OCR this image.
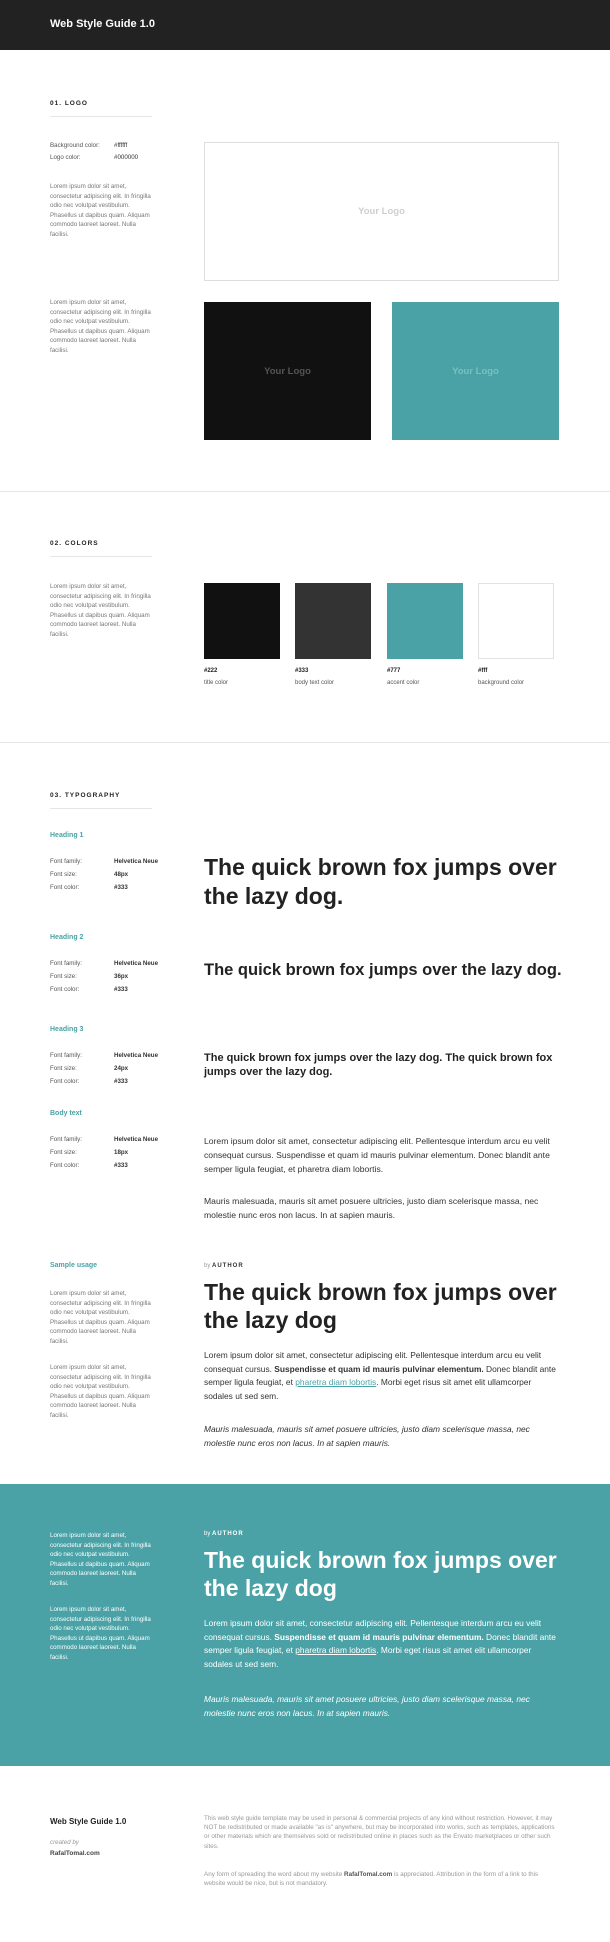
Web Style Guide 1.0
01. LOGO
Background color: #ffffff
Logo color:	#000000
Lorem ipsum dolor sit amet, consectetur adipiscing elit. In fringilla odio nec volutpat vestibulum. Phasellus ut dapibus quam. Aliquam commodo laoreet laoreet. Nulla facilisi.
Lorem ipsum dolor sit amet, consectetur adipiscing elit. In fringilla odio nec volutpat vestibulum. Phasellus ut dapibus quam. Aliquam commodo laoreet laoreet. Nulla facilisi.
Your Logo
Your Logo	Your Logo
02. COLORS
Lorem ipsum dolor sit amet, consectetur adipiscing elit. In fringilla odio nec volutpat vestibulum. Phasellus ut dapibus quam. Aliquam commodo laoreet laoreet. Nulla facilisi.
#222
title color
#333
body text color
#777
accent color
#fff
background color
03. TYPOGRAPHY
Heading 1
Font family:	Helvetica Neue
Font size:	48px
Font color:	#333
The quick brown fox jumps over the lazy dog.
Heading 2
Font family:	Helvetica Neue
Font size:	36px
Font color:	#333
The quick brown fox jumps over the lazy dog.
Heading 3
Font family:	Helvetica Neue
Font size:	24px
Font color:	#333
The quick brown fox jumps over the lazy dog. The quick brown fox jumps over the lazy dog.
Body text
Font family:	Helvetica Neue
Font size:	18px
Font color:	#333
Lorem ipsum dolor sit amet, consectetur adipiscing elit. Pellentesque interdum arcu eu velit consequat cursus. Suspendisse et quam id mauris pulvinar elementum. Donec blandit ante semper ligula feugiat, et pharetra diam lobortis.
Mauris malesuada, mauris sit amet posuere ultricies, justo diam scelerisque massa, nec molestie nunc eros non lacus. In at sapien mauris.
Sample usage
Lorem ipsum dolor sit amet, consectetur adipiscing elit. In fringilla odio nec volutpat vestibulum. Phasellus ut dapibus quam. Aliquam commodo laoreet laoreet. Nulla facilisi.
Lorem ipsum dolor sit amet, consectetur adipiscing elit. In fringilla odio nec volutpat vestibulum. Phasellus ut dapibus quam. Aliquam commodo laoreet laoreet. Nulla facilisi.
by AUTHOR
The quick brown fox jumps over the lazy dog
Lorem ipsum dolor sit amet, consectetur adipiscing elit. Pellentesque interdum arcu eu velit consequat cursus. Suspendisse et quam id mauris pulvinar elementum. Donec blandit ante semper ligula feugiat, et pharetra diam lobortis. Morbi eget risus sit amet elit ullamcorper sodales ut sed sem.
Mauris malesuada, mauris sit amet posuere ultricies, justo diam scelerisque massa, nec molestie nunc eros non lacus. In at sapien mauris.
Lorem ipsum dolor sit amet, consectetur adipiscing elit. In fringilla odio nec volutpat vestibulum. Phasellus ut dapibus quam. Aliquam commodo laoreet laoreet. Nulla facilisi.
Lorem ipsum dolor sit amet, consectetur adipiscing elit. In fringilla odio nec volutpat vestibulum. Phasellus ut dapibus quam. Aliquam commodo laoreet laoreet. Nulla facilisi.
by AUTHOR
The quick brown fox jumps over the lazy dog
Lorem ipsum dolor sit amet, consectetur adipiscing elit. Pellentesque interdum arcu eu velit consequat cursus. Suspendisse et quam id mauris pulvinar elementum. Donec blandit ante semper ligula feugiat, et pharetra diam lobortis. Morbi eget risus sit amet elit ullamcorper sodales ut sed sem.
Mauris malesuada, mauris sit amet posuere ultricies, justo diam scelerisque massa, nec molestie nunc eros non lacus. In at sapien mauris.
Web Style Guide 1.0
created by
RafalTomal.com
This web style guide template may be used in personal & commercial projects of any kind without restriction. However, it may NOT be redistributed or made available "as is" anywhere, but may be incorporated into works, such as templates, applications or other materials which are themselves sold or redistributed online in places such as the Envato marketplaces or other such sites.
Any form of spreading the word about my website RafalTomal.com is appreciated. Attribution in the form of a link to this website would be nice, but is not mandatory.
